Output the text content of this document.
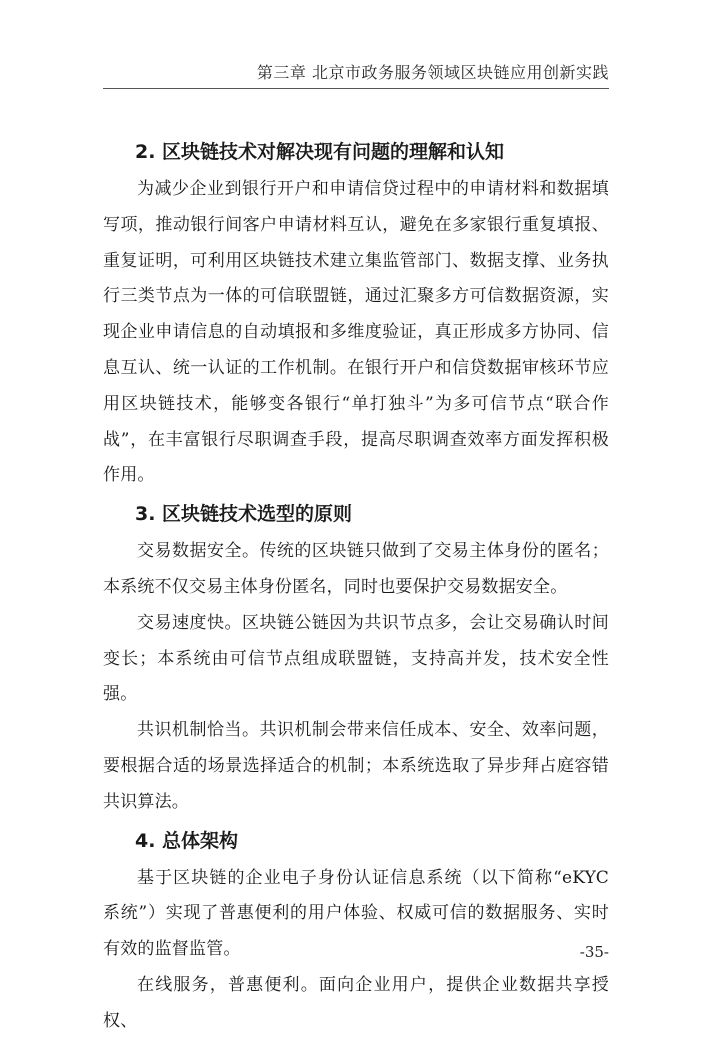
第三章 北京市政务服务领域区块链应用创新实践
2. 区块链技术对解决现有问题的理解和认知

为减少企业到银行开户和申请信贷过程中的申请材料和数据填写项，推动银行间客户申请材料互认，避免在多家银行重复填报、重复证明，可利用区块链技术建立集监管部门、数据支撑、业务执行三类节点为一体的可信联盟链，通过汇聚多方可信数据资源，实现企业申请信息的自动填报和多维度验证，真正形成多方协同、信息互认、统一认证的工作机制。在银行开户和信贷数据审核环节应用区块链技术，能够变各银行“单打独斗”为多可信节点“联合作战”，在丰富银行尽职调查手段，提高尽职调查效率方面发挥积极作用。

3. 区块链技术选型的原则

交易数据安全。传统的区块链只做到了交易主体身份的匿名；本系统不仅交易主体身份匿名，同时也要保护交易数据安全。

交易速度快。区块链公链因为共识节点多，会让交易确认时间变长；本系统由可信节点组成联盟链，支持高并发，技术安全性强。

共识机制恰当。共识机制会带来信任成本、安全、效率问题，要根据合适的场景选择适合的机制；本系统选取了异步拜占庭容错共识算法。

4. 总体架构

基于区块链的企业电子身份认证信息系统（以下简称“eKYC 系统”）实现了普惠便利的用户体验、权威可信的数据服务、实时有效的监督监管。

在线服务，普惠便利。面向企业用户，提供企业数据共享授权、

-35-
